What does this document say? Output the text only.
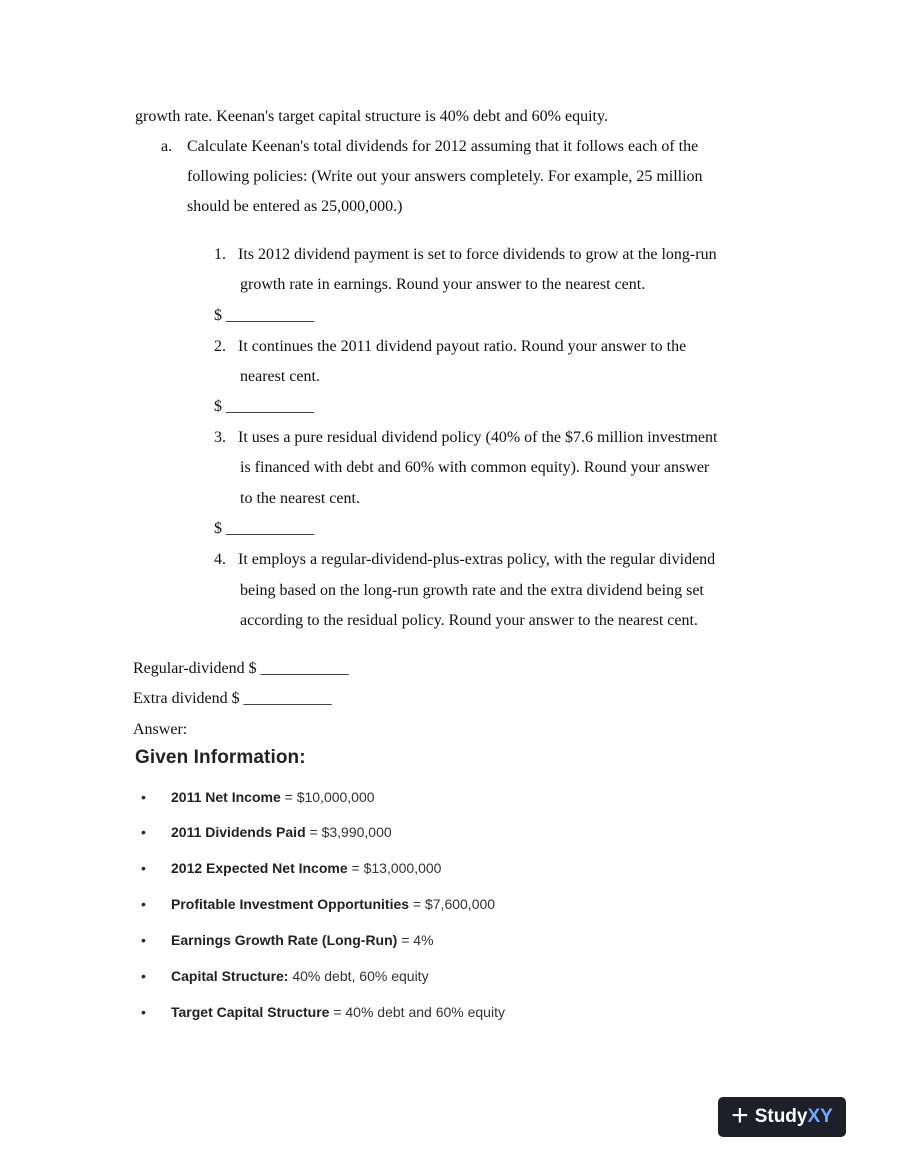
growth rate. Keenan's target capital structure is 40% debt and 60% equity.
a. Calculate Keenan's total dividends for 2012 assuming that it follows each of the
following policies: (Write out your answers completely. For example, 25 million
should be entered as 25,000,000.)
1. Its 2012 dividend payment is set to force dividends to grow at the long-run
growth rate in earnings. Round your answer to the nearest cent.
$ ___________
2. It continues the 2011 dividend payout ratio. Round your answer to the
nearest cent.
$ ___________
3. It uses a pure residual dividend policy (40% of the $7.6 million investment
is financed with debt and 60% with common equity). Round your answer
to the nearest cent.
$ ___________
4. It employs a regular-dividend-plus-extras policy, with the regular dividend
being based on the long-run growth rate and the extra dividend being set
according to the residual policy. Round your answer to the nearest cent.
Regular-dividend $ ___________
Extra dividend $ ___________
Answer:
Given Information:
• 2011 Net Income = $10,000,000
• 2011 Dividends Paid = $3,990,000
• 2012 Expected Net Income = $13,000,000
• Profitable Investment Opportunities = $7,600,000
• Earnings Growth Rate (Long-Run) = 4%
• Capital Structure: 40% debt, 60% equity
• Target Capital Structure = 40% debt and 60% equity
+ Study XY
